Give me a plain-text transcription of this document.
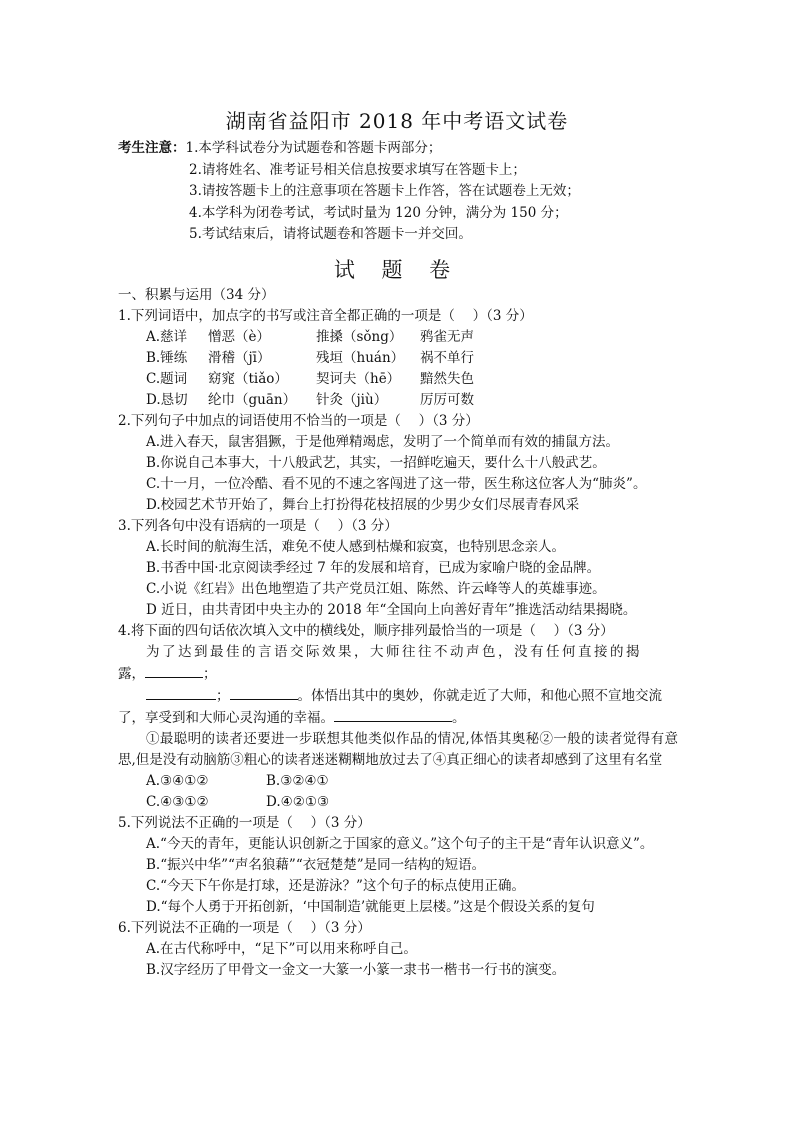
湖南省益阳市 2018 年中考语文试卷
考生注意：1.本学科试卷分为试题卷和答题卡两部分；
2.请将姓名、准考证号相关信息按要求填写在答题卡上；
3.请按答题卡上的注意事项在答题卡上作答，答在试题卷上无效；
4.本学科为闭卷考试，考试时量为 120 分钟，满分为 150 分；
5.考试结束后，请将试题卷和答题卡一并交回。
试 题 卷

一、积累与运用（34 分）

1.下列词语中，加点字的书写或注音全都正确的一项是（　 ）（3 分）

A.慈详 憎恶（è）	推搡（sǒng） 鸦雀无声

B.锤练 滑稽（jī）	残垣（huán） 祸不单行

C.题词 窈窕（tiǎo） 契诃夫（hē） 黯然失色

D.恳切 纶巾（guān） 针灸（jiù） 厉厉可数

2.下列句子中加点的词语使用不恰当的一项是（　 ）（3 分）

A.进入春天，鼠害猖獗，于是他殚精竭虑，发明了一个简单而有效的捕鼠方法。

B.你说自己本事大，十八般武艺，其实，一招鲜吃遍天，要什么十八般武艺。

C.十一月，一位冷酷、看不见的不速之客闯进了这一带，医生称这位客人为“肺炎”。

D.校园艺术节开始了，舞台上打扮得花枝招展的少男少女们尽展青春风采

3.下列各句中没有语病的一项是（　 ）（3 分）

A.长时间的航海生活，难免不使人感到枯燥和寂寞，也特别思念亲人。

B.书香中国·北京阅读季经过 7 年的发展和培育，已成为家喻户晓的金品牌。

C.小说《红岩》出色地塑造了共产党员江姐、陈然、许云峰等人的英雄事迹。

D 近日，由共青团中央主办的 2018 年“全国向上向善好青年”推选活动结果揭晓。

4.将下面的四句话依次填入文中的横线处，顺序排列最恰当的一项是（　 ）（3 分）

为了达到最佳的言语交际效果，大师往往不动声色，没有任何直接的揭

露，	；

；	。体悟出其中的奥妙，你就走近了大师，和他心照不宣地交流

了，享受到和大师心灵沟通的幸福。	。

①最聪明的读者还要进一步联想其他类似作品的情况,体悟其奥秘②一般的读者觉得有意思,但是没有动脑筋③粗心的读者迷迷糊糊地放过去了④真正细心的读者却感到了这里有名堂

A.③④①②	B.③②④①

C.④③①②	D.④②①③

5.下列说法不正确的一项是（　 ）（3 分）

A.“今天的青年，更能认识创新之于国家的意义。”这个句子的主干是“青年认识意义”。

B.“振兴中华”“声名狼藉”“衣冠楚楚”是同一结构的短语。

C.“今天下午你是打球，还是游泳？”这个句子的标点使用正确。

D.“每个人勇于开拓创新，‘中国制造’就能更上层楼。”这是个假设关系的复句

6.下列说法不正确的一项是（　 ）（3 分）

A.在古代称呼中，“足下”可以用来称呼自己。

B.汉字经历了甲骨文一金文一大篆一小篆一隶书一楷书一行书的演变。
